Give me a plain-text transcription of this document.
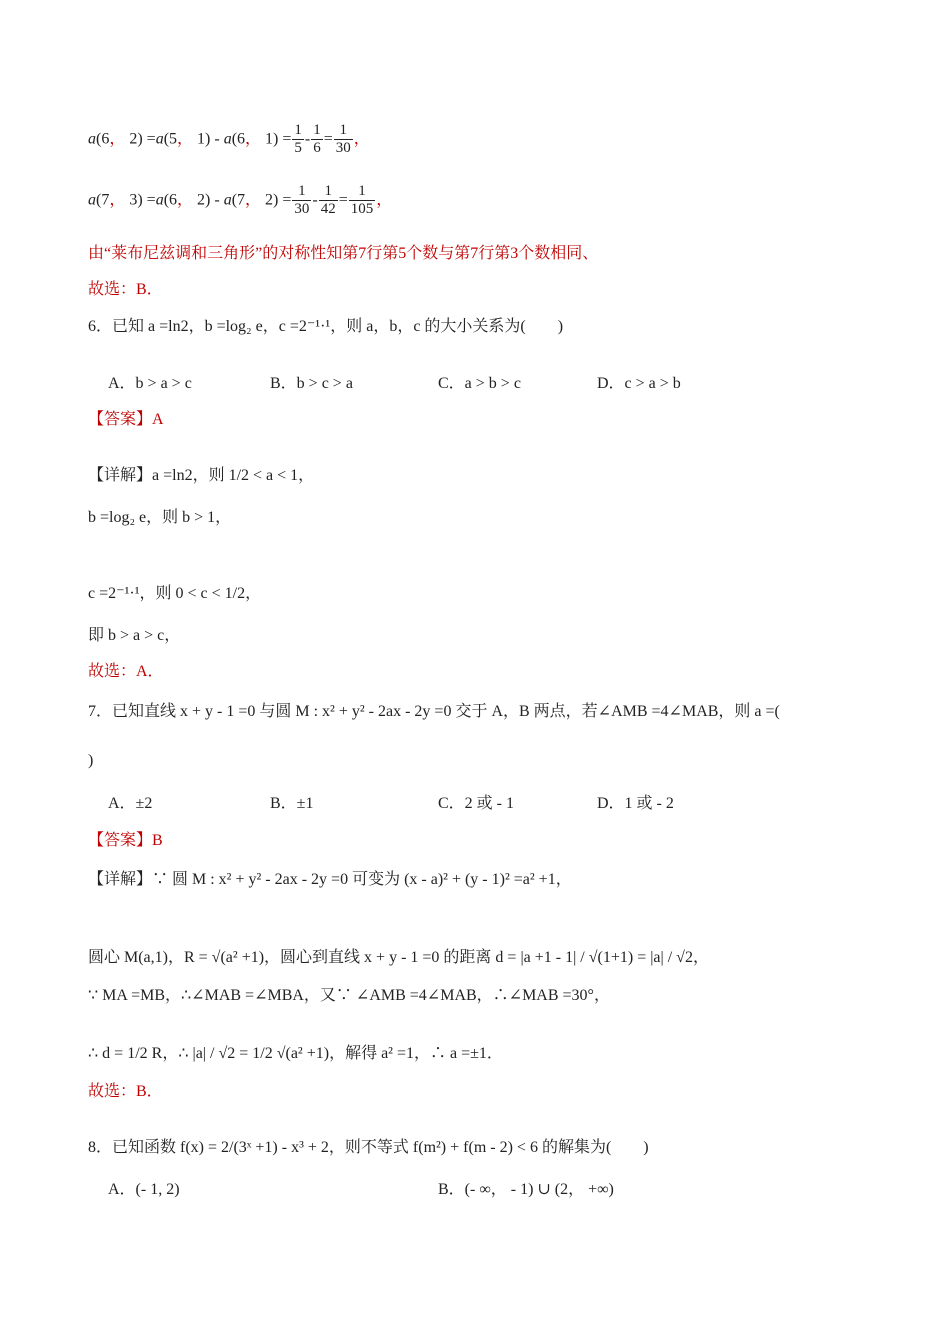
a(6， 2) =a(5， 1) - a(6， $1) = \frac{1}{5} - \frac{1}{6} = \frac{1}{30}$ ，
a(7， 3) =a(6， 2) - a(7， $2) = \frac{1}{30} - \frac{1}{42} = \frac{1}{105}$ ，
由“莱布尼兹调和三角形”的对称性知第7行第5个数与第7行第3个数相同、
故选：B．
6．已知 a =ln2，b =log₂ e，c =2⁻¹·¹，则 a，b，c 的大小关系为(　　)
A．b > a > c	B．b > c > a	C．a > b > c	D．c > a > b
【答案】A
【详解】a =ln2，则 1/2 < a < 1，
b =log₂ e，则 b > 1，
c =2⁻¹·¹，则 0 < c < 1/2，
即 b > a > c，
故选：A．
7．已知直线 x + y - 1 =0 与圆 M : x² + y² - 2ax - 2y =0 交于 A，B 两点，若∠AMB =4∠MAB，则 a =(
)
A．±2	B．±1	C．2 或 - 1	D．1 或 - 2
【答案】B
【详解】∵ 圆 M : x² + y² - 2ax - 2y =0 可变为 (x - a)² + (y - 1)² =a² +1，
圆心 M(a,1)，R = √(a² +1)，圆心到直线 x + y - 1 =0 的距离 d = |a +1 - 1| / √(1+1) = |a| / √2，
∵ MA =MB，∴∠MAB =∠MBA，又∵ ∠AMB =4∠MAB，∴∠MAB =30°，
∴ d = 1/2 R，∴ |a| / √2 = 1/2 √(a² +1)，解得 a² =1，∴ a =±1．
故选：B．
8．已知函数 f(x) = 2/(3ˣ +1) - x³ + 2，则不等式 f(m²) + f(m - 2) < 6 的解集为(　　)
A．(- 1, 2)	B．(- ∞， - 1) ∪ (2， +∞)
